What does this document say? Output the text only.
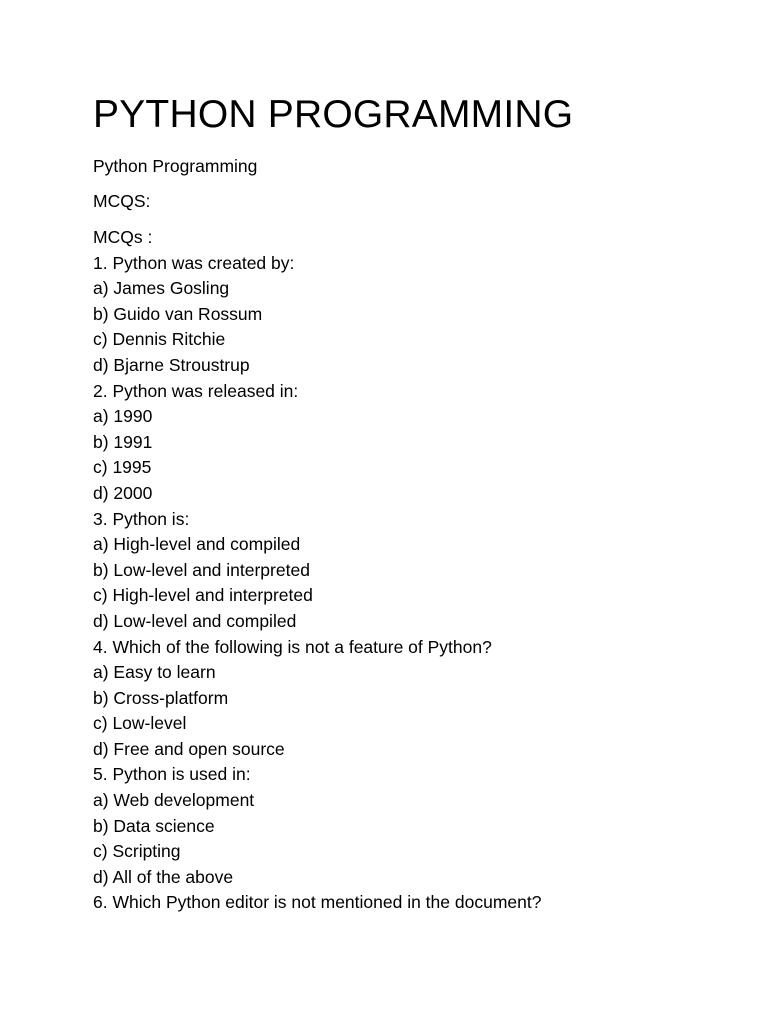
PYTHON PROGRAMMING

Python Programming

MCQS:

MCQs :
1. Python was created by:
a) James Gosling
b) Guido van Rossum
c) Dennis Ritchie
d) Bjarne Stroustrup
2. Python was released in:
a) 1990
b) 1991
c) 1995
d) 2000
3. Python is:
a) High-level and compiled
b) Low-level and interpreted
c) High-level and interpreted
d) Low-level and compiled
4. Which of the following is not a feature of Python?
a) Easy to learn
b) Cross-platform
c) Low-level
d) Free and open source
5. Python is used in:
a) Web development
b) Data science
c) Scripting
d) All of the above
6. Which Python editor is not mentioned in the document?
